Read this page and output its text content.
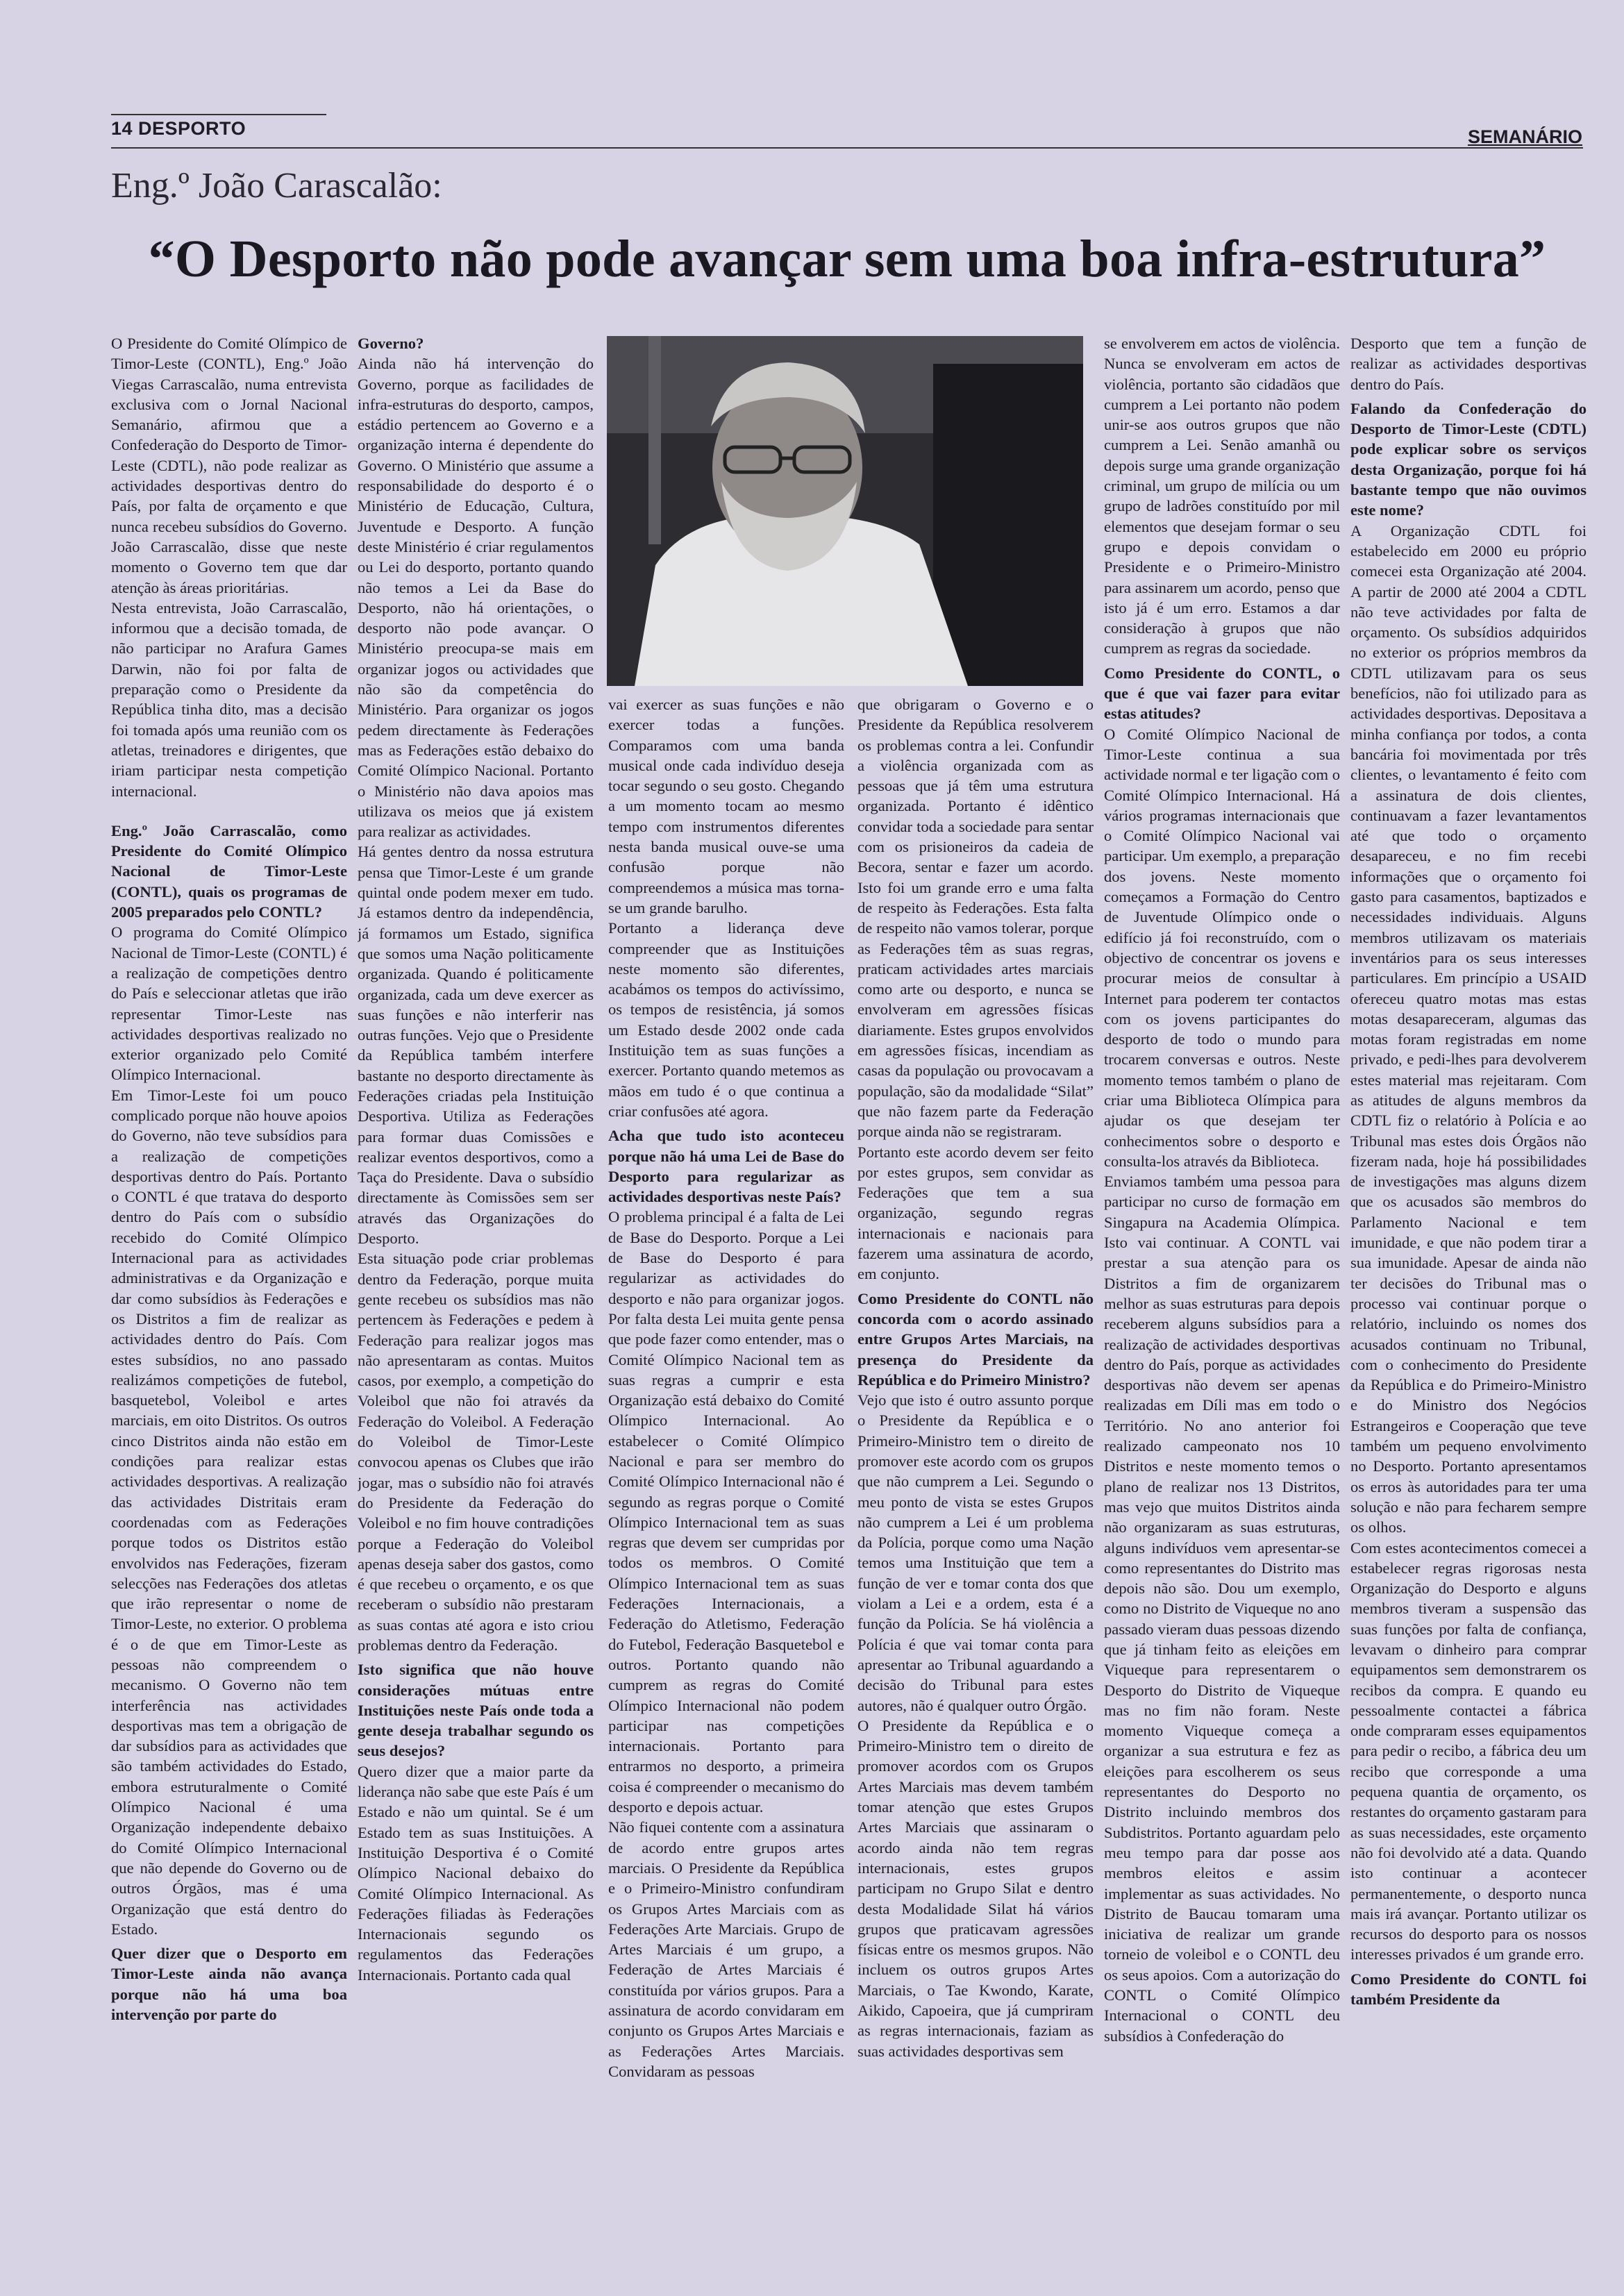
14 DESPORTO	SEMANÁRIO
Eng.º João Carascalão:
“O Desporto não pode avançar sem uma boa infra-estrutura”

O Presidente do Comité Olímpico de Timor-Leste (CONTL), Eng.º João Viegas Carrascalão, numa entrevista exclusiva com o Jornal Nacional Semanário, afirmou que a Confederação do Desporto de Timor-Leste (CDTL), não pode realizar as actividades desportivas dentro do País, por falta de orçamento e que nunca recebeu subsídios do Governo. João Carrascalão, disse que neste momento o Governo tem que dar atenção às áreas prioritárias.

Nesta entrevista, João Carrascalão, informou que a decisão tomada, de não participar no Arafura Games Darwin, não foi por falta de preparação como o Presidente da República tinha dito, mas a decisão foi tomada após uma reunião com os atletas, treinadores e dirigentes, que iriam participar nesta competição internacional.

Eng.º João Carrascalão, como Presidente do Comité Olímpico Nacional de Timor-Leste (CONTL), quais os programas de 2005 preparados pelo CONTL?

O programa do Comité Olímpico Nacional de Timor-Leste (CONTL) é a realização de competições dentro do País e seleccionar atletas que irão representar Timor-Leste nas actividades desportivas realizado no exterior organizado pelo Comité Olímpico Internacional.

Em Timor-Leste foi um pouco complicado porque não houve apoios do Governo, não teve subsídios para a realização de competições desportivas dentro do País. Portanto o CONTL é que tratava do desporto dentro do País com o subsídio recebido do Comité Olímpico Internacional para as actividades administrativas e da Organização e dar como subsídios às Federações e os Distritos a fim de realizar as actividades dentro do País. Com estes subsídios, no ano passado realizámos competições de futebol, basquetebol, Voleibol e artes marciais, em oito Distritos. Os outros cinco Distritos ainda não estão em condições para realizar estas actividades desportivas. A realização das actividades Distritais eram coordenadas com as Federações porque todos os Distritos estão envolvidos nas Federações, fizeram selecções nas Federações dos atletas que irão representar o nome de Timor-Leste, no exterior. O problema é o de que em Timor-Leste as pessoas não compreendem o mecanismo. O Governo não tem interferência nas actividades desportivas mas tem a obrigação de dar subsídios para as actividades que são também actividades do Estado, embora estruturalmente o Comité Olímpico Nacional é uma Organização independente debaixo do Comité Olímpico Internacional que não depende do Governo ou de outros Órgãos, mas é uma Organização que está dentro do Estado.

Quer dizer que o Desporto em Timor-Leste ainda não avança porque não há uma boa intervenção por parte do

Governo?

Ainda não há intervenção do Governo, porque as facilidades de infra-estruturas do desporto, campos, estádio pertencem ao Governo e a organização interna é dependente do Governo. O Ministério que assume a responsabilidade do desporto é o Ministério de Educação, Cultura, Juventude e Desporto. A função deste Ministério é criar regulamentos ou Lei do desporto, portanto quando não temos a Lei da Base do Desporto, não há orientações, o desporto não pode avançar. O Ministério preocupa-se mais em organizar jogos ou actividades que não são da competência do Ministério. Para organizar os jogos pedem directamente às Federações mas as Federações estão debaixo do Comité Olímpico Nacional. Portanto o Ministério não dava apoios mas utilizava os meios que já existem para realizar as actividades.

Há gentes dentro da nossa estrutura pensa que Timor-Leste é um grande quintal onde podem mexer em tudo. Já estamos dentro da independência, já formamos um Estado, significa que somos uma Nação politicamente organizada. Quando é politicamente organizada, cada um deve exercer as suas funções e não interferir nas outras funções. Vejo que o Presidente da República também interfere bastante no desporto directamente às Federações criadas pela Instituição Desportiva. Utiliza as Federações para formar duas Comissões e realizar eventos desportivos, como a Taça do Presidente. Dava o subsídio directamente às Comissões sem ser através das Organizações do Desporto.

Esta situação pode criar problemas dentro da Federação, porque muita gente recebeu os subsídios mas não pertencem às Federações e pedem à Federação para realizar jogos mas não apresentaram as contas. Muitos casos, por exemplo, a competição do Voleibol que não foi através da Federação do Voleibol. A Federação do Voleibol de Timor-Leste convocou apenas os Clubes que irão jogar, mas o subsídio não foi através do Presidente da Federação do Voleibol e no fim houve contradições porque a Federação do Voleibol apenas deseja saber dos gastos, como é que recebeu o orçamento, e os que receberam o subsídio não prestaram as suas contas até agora e isto criou problemas dentro da Federação.

Isto significa que não houve considerações mútuas entre Instituições neste País onde toda a gente deseja trabalhar segundo os seus desejos?

Quero dizer que a maior parte da liderança não sabe que este País é um Estado e não um quintal. Se é um Estado tem as suas Instituições. A Instituição Desportiva é o Comité Olímpico Nacional debaixo do Comité Olímpico Internacional. As Federações filiadas às Federações Internacionais segundo os regulamentos das Federações Internacionais. Portanto cada qual

vai exercer as suas funções e não exercer todas a funções. Comparamos com uma banda musical onde cada indivíduo deseja tocar segundo o seu gosto. Chegando a um momento tocam ao mesmo tempo com instrumentos diferentes nesta banda musical ouve-se uma confusão porque não compreendemos a música mas torna-se um grande barulho.

Portanto a liderança deve compreender que as Instituições neste momento são diferentes, acabámos os tempos do activíssimo, os tempos de resistência, já somos um Estado desde 2002 onde cada Instituição tem as suas funções a exercer. Portanto quando metemos as mãos em tudo é o que continua a criar confusões até agora.

Acha que tudo isto aconteceu porque não há uma Lei de Base do Desporto para regularizar as actividades desportivas neste País?

O problema principal é a falta de Lei de Base do Desporto. Porque a Lei de Base do Desporto é para regularizar as actividades do desporto e não para organizar jogos. Por falta desta Lei muita gente pensa que pode fazer como entender, mas o Comité Olímpico Nacional tem as suas regras a cumprir e esta Organização está debaixo do Comité Olímpico Internacional. Ao estabelecer o Comité Olímpico Nacional e para ser membro do Comité Olímpico Internacional não é segundo as regras porque o Comité Olímpico Internacional tem as suas regras que devem ser cumpridas por todos os membros. O Comité Olímpico Internacional tem as suas Federações Internacionais, a Federação do Atletismo, Federação do Futebol, Federação Basquetebol e outros. Portanto quando não cumprem as regras do Comité Olímpico Internacional não podem participar nas competições internacionais. Portanto para entrarmos no desporto, a primeira coisa é compreender o mecanismo do desporto e depois actuar.

Não fiquei contente com a assinatura de acordo entre grupos artes marciais. O Presidente da República e o Primeiro-Ministro confundiram os Grupos Artes Marciais com as Federações Arte Marciais. Grupo de Artes Marciais é um grupo, a Federação de Artes Marciais é constituída por vários grupos. Para a assinatura de acordo convidaram em conjunto os Grupos Artes Marciais e as Federações Artes Marciais. Convidaram as pessoas

que obrigaram o Governo e o Presidente da República resolverem os problemas contra a lei. Confundir a violência organizada com as pessoas que já têm uma estrutura organizada. Portanto é idêntico convidar toda a sociedade para sentar com os prisioneiros da cadeia de Becora, sentar e fazer um acordo. Isto foi um grande erro e uma falta de respeito às Federações. Esta falta de respeito não vamos tolerar, porque as Federações têm as suas regras, praticam actividades artes marciais como arte ou desporto, e nunca se envolveram em agressões físicas diariamente. Estes grupos envolvidos em agressões físicas, incendiam as casas da população ou provocavam a população, são da modalidade “Silat” que não fazem parte da Federação porque ainda não se registraram.

Portanto este acordo devem ser feito por estes grupos, sem convidar as Federações que tem a sua organização, segundo regras internacionais e nacionais para fazerem uma assinatura de acordo, em conjunto.

Como Presidente do CONTL não concorda com o acordo assinado entre Grupos Artes Marciais, na presença do Presidente da República e do Primeiro Ministro?

Vejo que isto é outro assunto porque o Presidente da República e o Primeiro-Ministro tem o direito de promover este acordo com os grupos que não cumprem a Lei. Segundo o meu ponto de vista se estes Grupos não cumprem a Lei é um problema da Polícia, porque como uma Nação temos uma Instituição que tem a função de ver e tomar conta dos que violam a Lei e a ordem, esta é a função da Polícia. Se há violência a Polícia é que vai tomar conta para apresentar ao Tribunal aguardando a decisão do Tribunal para estes autores, não é qualquer outro Órgão.

O Presidente da República e o Primeiro-Ministro tem o direito de promover acordos com os Grupos Artes Marciais mas devem também tomar atenção que estes Grupos Artes Marciais que assinaram o acordo ainda não tem regras internacionais, estes grupos participam no Grupo Silat e dentro desta Modalidade Silat há vários grupos que praticavam agressões físicas entre os mesmos grupos. Não incluem os outros grupos Artes Marciais, o Tae Kwondo, Karate, Aikido, Capoeira, que já cumpriram as regras internacionais, faziam as suas actividades desportivas sem

se envolverem em actos de violência. Nunca se envolveram em actos de violência, portanto são cidadãos que cumprem a Lei portanto não podem unir-se aos outros grupos que não cumprem a Lei. Senão amanhã ou depois surge uma grande organização criminal, um grupo de milícia ou um grupo de ladrões constituído por mil elementos que desejam formar o seu grupo e depois convidam o Presidente e o Primeiro-Ministro para assinarem um acordo, penso que isto já é um erro. Estamos a dar consideração à grupos que não cumprem as regras da sociedade.

Como Presidente do CONTL, o que é que vai fazer para evitar estas atitudes?

O Comité Olímpico Nacional de Timor-Leste continua a sua actividade normal e ter ligação com o Comité Olímpico Internacional. Há vários programas internacionais que o Comité Olímpico Nacional vai participar. Um exemplo, a preparação dos jovens. Neste momento começamos a Formação do Centro de Juventude Olímpico onde o edifício já foi reconstruído, com o objectivo de concentrar os jovens e procurar meios de consultar à Internet para poderem ter contactos com os jovens participantes do desporto de todo o mundo para trocarem conversas e outros. Neste momento temos também o plano de criar uma Biblioteca Olímpica para ajudar os que desejam ter conhecimentos sobre o desporto e consulta-los através da Biblioteca.

Enviamos também uma pessoa para participar no curso de formação em Singapura na Academia Olímpica. Isto vai continuar. A CONTL vai prestar a sua atenção para os Distritos a fim de organizarem melhor as suas estruturas para depois receberem alguns subsídios para a realização de actividades desportivas dentro do País, porque as actividades desportivas não devem ser apenas realizadas em Díli mas em todo o Território. No ano anterior foi realizado campeonato nos 10 Distritos e neste momento temos o plano de realizar nos 13 Distritos, mas vejo que muitos Distritos ainda não organizaram as suas estruturas, alguns indivíduos vem apresentar-se como representantes do Distrito mas depois não são. Dou um exemplo, como no Distrito de Viqueque no ano passado vieram duas pessoas dizendo que já tinham feito as eleições em Viqueque para representarem o Desporto do Distrito de Viqueque mas no fim não foram. Neste momento Viqueque começa a organizar a sua estrutura e fez as eleições para escolherem os seus representantes do Desporto no Distrito incluindo membros dos Subdistritos. Portanto aguardam pelo meu tempo para dar posse aos membros eleitos e assim implementar as suas actividades. No Distrito de Baucau tomaram uma iniciativa de realizar um grande torneio de voleibol e o CONTL deu os seus apoios. Com a autorização do CONTL o Comité Olímpico Internacional o CONTL deu subsídios à Confederação do

Desporto que tem a função de realizar as actividades desportivas dentro do País.

Falando da Confederação do Desporto de Timor-Leste (CDTL) pode explicar sobre os serviços desta Organização, porque foi há bastante tempo que não ouvimos este nome?

A Organização CDTL foi estabelecido em 2000 eu próprio comecei esta Organização até 2004. A partir de 2000 até 2004 a CDTL não teve actividades por falta de orçamento. Os subsídios adquiridos no exterior os próprios membros da CDTL utilizavam para os seus benefícios, não foi utilizado para as actividades desportivas. Depositava a minha confiança por todos, a conta bancária foi movimentada por três clientes, o levantamento é feito com a assinatura de dois clientes, continuavam a fazer levantamentos até que todo o orçamento desapareceu, e no fim recebi informações que o orçamento foi gasto para casamentos, baptizados e necessidades individuais. Alguns membros utilizavam os materiais inventários para os seus interesses particulares. Em princípio a USAID ofereceu quatro motas mas estas motas desapareceram, algumas das motas foram registradas em nome privado, e pedi-lhes para devolverem estes material mas rejeitaram. Com as atitudes de alguns membros da CDTL fiz o relatório à Polícia e ao Tribunal mas estes dois Órgãos não fizeram nada, hoje há possibilidades de investigações mas alguns dizem que os acusados são membros do Parlamento Nacional e tem imunidade, e que não podem tirar a sua imunidade. Apesar de ainda não ter decisões do Tribunal mas o processo vai continuar porque o relatório, incluindo os nomes dos acusados continuam no Tribunal, com o conhecimento do Presidente da República e do Primeiro-Ministro e do Ministro dos Negócios Estrangeiros e Cooperação que teve também um pequeno envolvimento no Desporto. Portanto apresentamos os erros às autoridades para ter uma solução e não para fecharem sempre os olhos.

Com estes acontecimentos comecei a estabelecer regras rigorosas nesta Organização do Desporto e alguns membros tiveram a suspensão das suas funções por falta de confiança, levavam o dinheiro para comprar equipamentos sem demonstrarem os recibos da compra. E quando eu pessoalmente contactei a fábrica onde compraram esses equipamentos para pedir o recibo, a fábrica deu um recibo que corresponde a uma pequena quantia de orçamento, os restantes do orçamento gastaram para as suas necessidades, este orçamento não foi devolvido até a data. Quando isto continuar a acontecer permanentemente, o desporto nunca mais irá avançar. Portanto utilizar os recursos do desporto para os nossos interesses privados é um grande erro.

Como Presidente do CONTL foi também Presidente da
